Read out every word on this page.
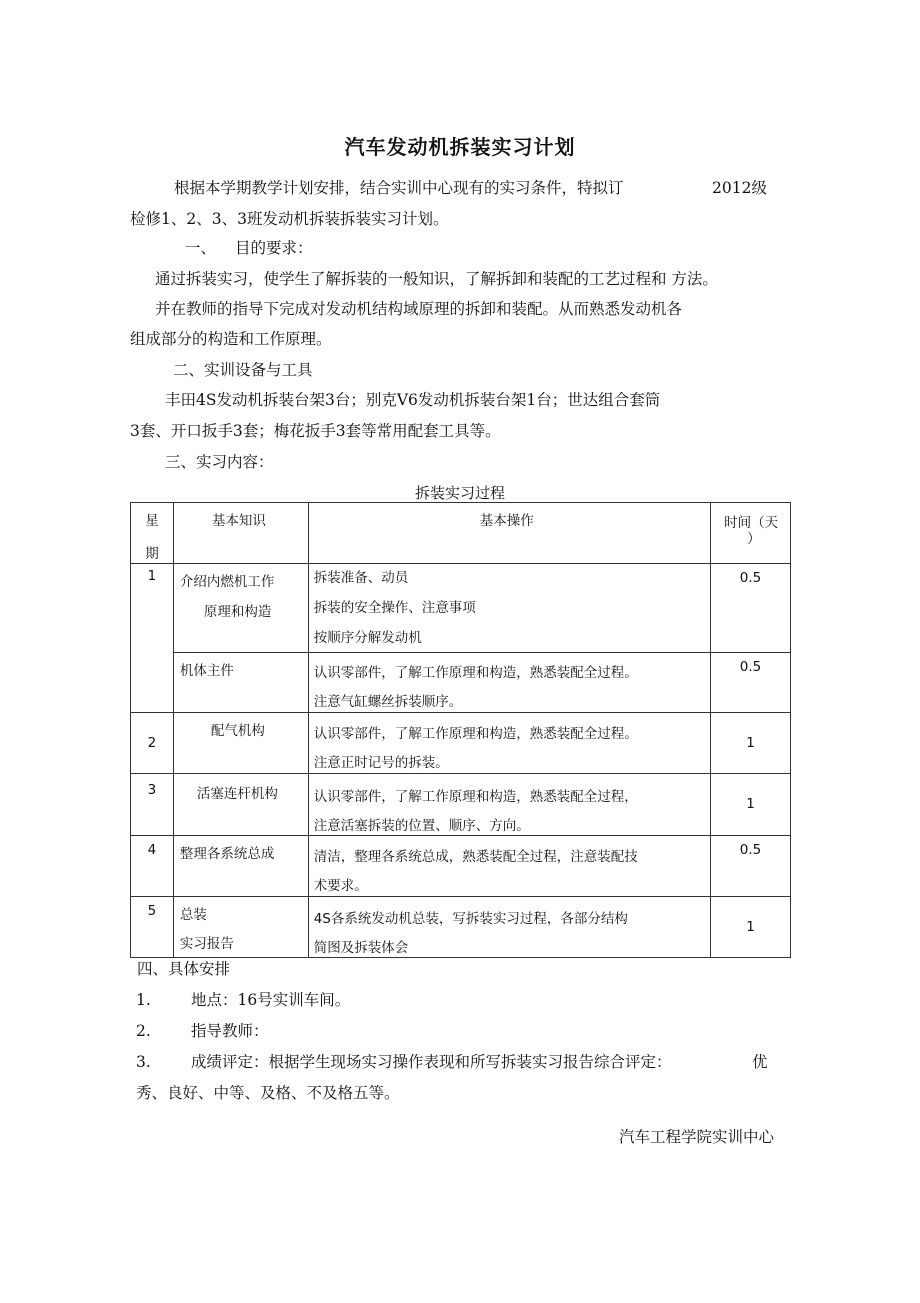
汽车发动机拆装实习计划
根据本学期教学计划安排，结合实训中心现有的实习条件，特拟订	2012级
检修1、2、3、3班发动机拆装拆装实习计划。
一、 目的要求：
通过拆装实习，使学生了解拆装的一般知识，了解拆卸和装配的工艺过程和 方法。
并在教师的指导下完成对发动机结构域原理的拆卸和装配。从而熟悉发动机各
组成部分的构造和工作原理。
二、实训设备与工具
丰田4S发动机拆装台架3台；别克V6发动机拆装台架1台；世达组合套筒
3套、开口扳手3套；梅花扳手3套等常用配套工具等。
三、实习内容：
拆装实习过程
星
期	基本知识	基本操作	时间（天
）

1	介绍内燃机工作
原理和构造	拆装准备、动员
拆装的安全操作、注意事项
按顺序分解发动机	0.5

	机体主件	认识零部件，了解工作原理和构造，熟悉装配全过程。
注意气缸螺丝拆装顺序。	0.5

2	配气机构	认识零部件，了解工作原理和构造，熟悉装配全过程。
注意正时记号的拆装。	1

3	活塞连杆机构	认识零部件，了解工作原理和构造，熟悉装配全过程，
注意活塞拆装的位置、顺序、方向。	1

4	整理各系统总成	清洁，整理各系统总成，熟悉装配全过程，注意装配技
术要求。	0.5

5	总装
实习报告	4S各系统发动机总装，写拆装实习过程，各部分结构
简图及拆装体会	1
四、具体安排
1.	地点：16号实训车间。
2.	指导教师：
3.	成绩评定：根据学生现场实习操作表现和所写拆装实习报告综合评定：	优
秀、良好、中等、及格、不及格五等。
汽车工程学院实训中心
